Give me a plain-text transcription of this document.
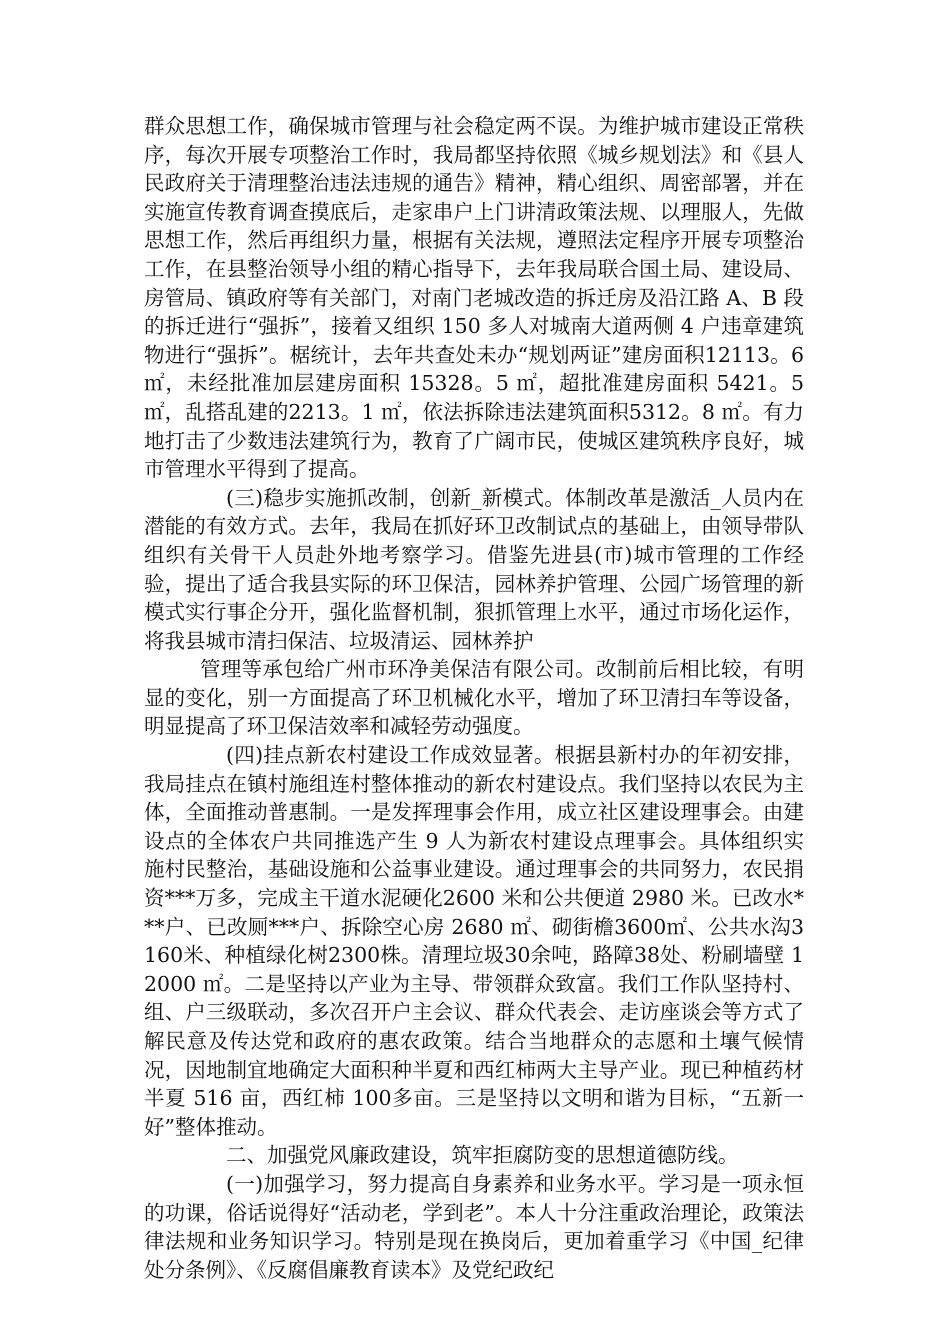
群众思想工作，确保城市管理与社会稳定两不误。为维护城市建设正常秩序，每次开展专项整治工作时，我局都坚持依照《城乡规划法》和《县人民政府关于清理整治违法违规的通告》精神，精心组织、周密部署，并在实施宣传教育调查摸底后，走家串户上门讲清政策法规、以理服人，先做思想工作，然后再组织力量，根据有关法规，遵照法定程序开展专项整治工作，在县整治领导小组的精心指导下，去年我局联合国土局、建设局、房管局、镇政府等有关部门，对南门老城改造的拆迁房及沿江路 A、B 段的拆迁进行“强拆”，接着又组织 150 多人对城南大道两侧 4 户违章建筑物进行“强拆”。椐统计，去年共查处未办“规划两证”建房面积12113。6 ㎡，未经批准加层建房面积 15328。5 ㎡，超批准建房面积 5421。5 ㎡，乱搭乱建的2213。1 ㎡，依法拆除违法建筑面积5312。8 ㎡。有力地打击了少数违法建筑行为，教育了广阔市民，使城区建筑秩序良好，城市管理水平得到了提高。

(三)稳步实施抓改制，创新_新模式。体制改革是激活_人员内在潜能的有效方式。去年，我局在抓好环卫改制试点的基础上，由领导带队组织有关骨干人员赴外地考察学习。借鉴先进县(市)城市管理的工作经验，提出了适合我县实际的环卫保洁，园林养护管理、公园广场管理的新模式实行事企分开，强化监督机制，狠抓管理上水平，通过市场化运作，将我县城市清扫保洁、垃圾清运、园林养护

管理等承包给广州市环净美保洁有限公司。改制前后相比较，有明显的变化，别一方面提高了环卫机械化水平，增加了环卫清扫车等设备，明显提高了环卫保洁效率和减轻劳动强度。

(四)挂点新农村建设工作成效显著。根据县新村办的年初安排，我局挂点在镇村施组连村整体推动的新农村建设点。我们坚持以农民为主体，全面推动普惠制。一是发挥理事会作用，成立社区建设理事会。由建设点的全体农户共同推选产生 9 人为新农村建设点理事会。具体组织实施村民整治，基础设施和公益事业建设。通过理事会的共同努力，农民捐资***万多，完成主干道水泥硬化2600 米和公共便道 2980 米。已改水***户、已改厕***户、拆除空心房 2680 ㎡、砌街檐3600㎡、公共水沟3160米、种植绿化树2300株。清理垃圾30余吨，路障38处、粉刷墙壁 12000 ㎡。二是坚持以产业为主导、带领群众致富。我们工作队坚持村、组、户三级联动，多次召开户主会议、群众代表会、走访座谈会等方式了解民意及传达党和政府的惠农政策。结合当地群众的志愿和土壤气候情况，因地制宜地确定大面积种半夏和西红柿两大主导产业。现已种植药材半夏 516 亩，西红柿 100多亩。三是坚持以文明和谐为目标，“五新一好”整体推动。

二、加强党风廉政建设，筑牢拒腐防变的思想道德防线。

(一)加强学习，努力提高自身素养和业务水平。学习是一项永恒的功课，俗话说得好“活动老，学到老”。本人十分注重政治理论，政策法律法规和业务知识学习。特别是现在换岗后，更加着重学习《中国_纪律处分条例》、《反腐倡廉教育读本》及党纪政纪
